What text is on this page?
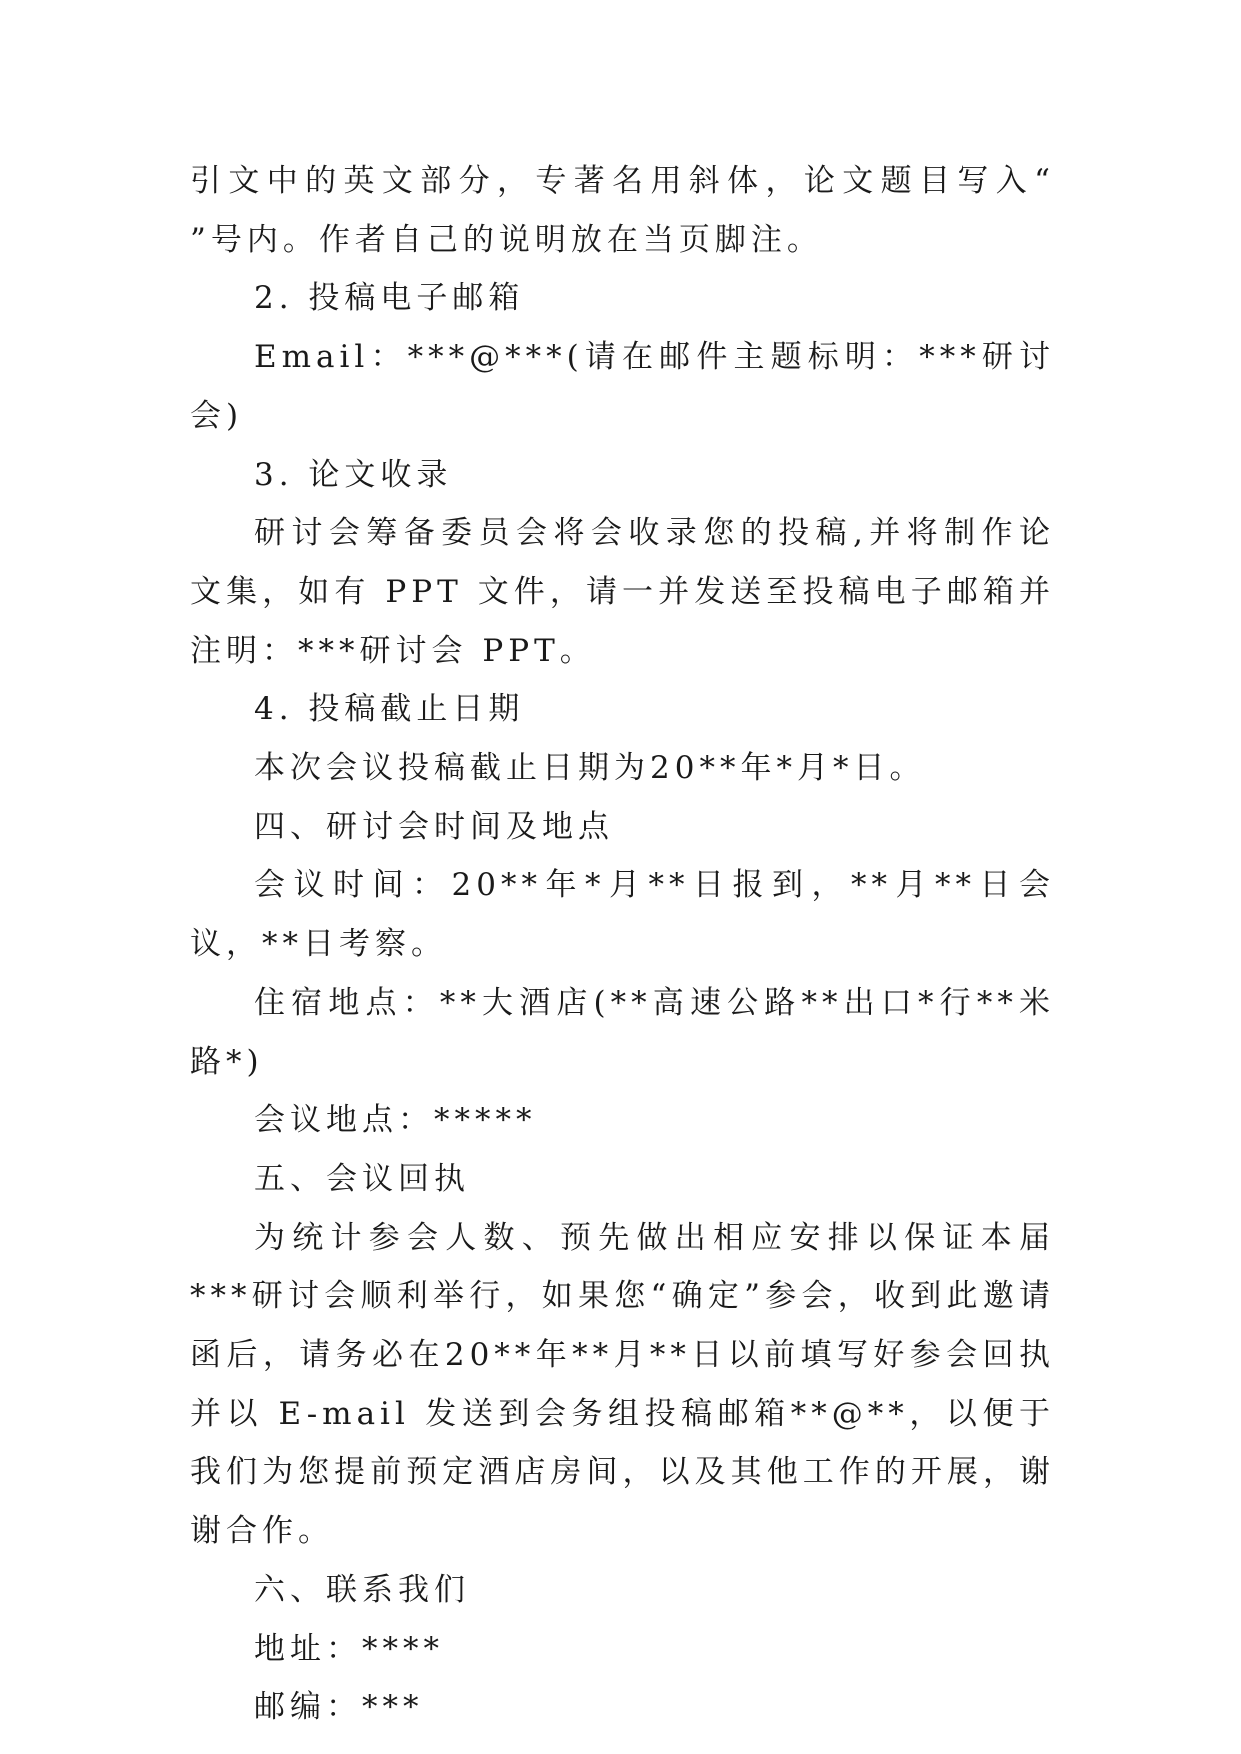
引文中的英文部分，专著名用斜体，论文题目写入“ ”号内。作者自己的说明放在当页脚注。

2. 投稿电子邮箱

Email：***@***(请在邮件主题标明：***研讨会)

3. 论文收录

研讨会筹备委员会将会收录您的投稿,并将制作论文集，如有 PPT 文件，请一并发送至投稿电子邮箱并注明：***研讨会 PPT。

4. 投稿截止日期

本次会议投稿截止日期为20**年*月*日。

四、研讨会时间及地点

会议时间：20**年*月**日报到，**月**日会议，**日考察。

住宿地点：**大酒店(**高速公路**出口*行**米路*)

会议地点：*****

五、会议回执

为统计参会人数、预先做出相应安排以保证本届***研讨会顺利举行，如果您“确定”参会，收到此邀请函后，请务必在20**年**月**日以前填写好参会回执并以 E-mail 发送到会务组投稿邮箱**@**，以便于我们为您提前预定酒店房间，以及其他工作的开展，谢谢合作。

六、联系我们

地址：****

邮编：***
